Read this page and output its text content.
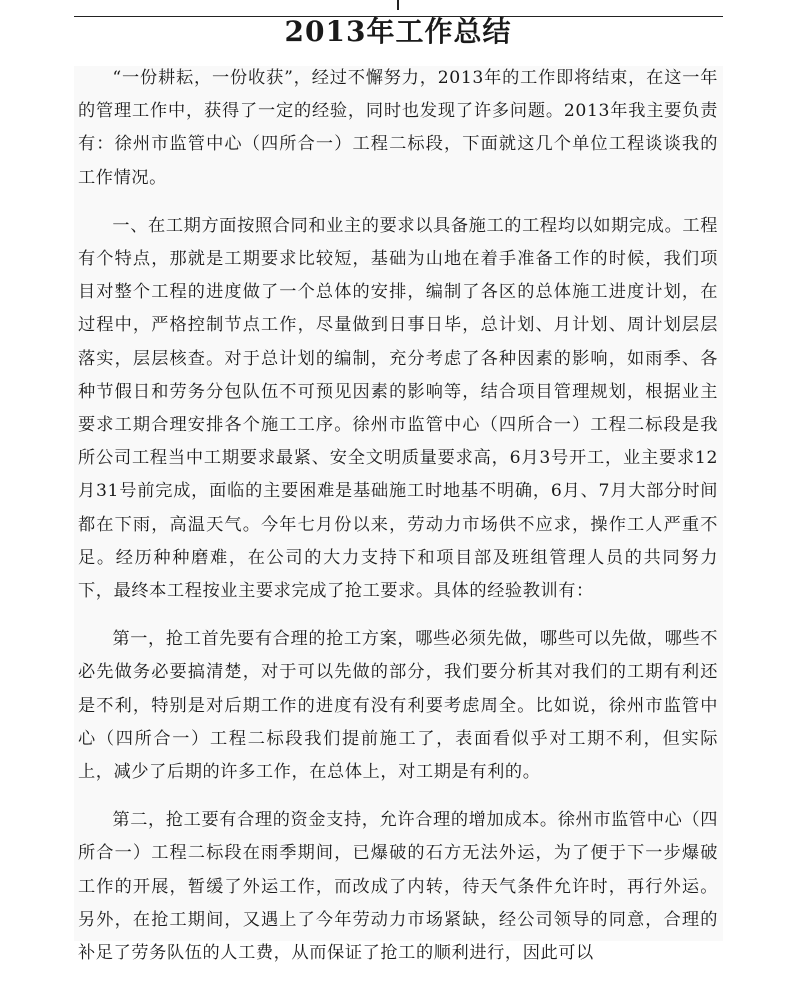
2013年工作总结

“一份耕耘，一份收获”，经过不懈努力，2013年的工作即将结束，在这一年的管理工作中，获得了一定的经验，同时也发现了许多问题。2013年我主要负责有：徐州市监管中心（四所合一）工程二标段，下面就这几个单位工程谈谈我的工作情况。

一、在工期方面按照合同和业主的要求以具备施工的工程均以如期完成。工程有个特点，那就是工期要求比较短，基础为山地在着手准备工作的时候，我们项目对整个工程的进度做了一个总体的安排，编制了各区的总体施工进度计划，在过程中，严格控制节点工作，尽量做到日事日毕，总计划、月计划、周计划层层落实，层层核查。对于总计划的编制，充分考虑了各种因素的影响，如雨季、各种节假日和劳务分包队伍不可预见因素的影响等，结合项目管理规划，根据业主要求工期合理安排各个施工工序。徐州市监管中心（四所合一）工程二标段是我所公司工程当中工期要求最紧、安全文明质量要求高，6月3号开工，业主要求12月31号前完成，面临的主要困难是基础施工时地基不明确，6月、7月大部分时间都在下雨，高温天气。今年七月份以来，劳动力市场供不应求，操作工人严重不足。经历种种磨难，在公司的大力支持下和项目部及班组管理人员的共同努力下，最终本工程按业主要求完成了抢工要求。具体的经验教训有：

第一，抢工首先要有合理的抢工方案，哪些必须先做，哪些可以先做，哪些不必先做务必要搞清楚，对于可以先做的部分，我们要分析其对我们的工期有利还是不利，特别是对后期工作的进度有没有利要考虑周全。比如说，徐州市监管中心（四所合一）工程二标段我们提前施工了，表面看似乎对工期不利，但实际上，减少了后期的许多工作，在总体上，对工期是有利的。

第二，抢工要有合理的资金支持，允许合理的增加成本。徐州市监管中心（四所合一）工程二标段在雨季期间，已爆破的石方无法外运，为了便于下一步爆破工作的开展，暂缓了外运工作，而改成了内转，待天气条件允许时，再行外运。另外，在抢工期间，又遇上了今年劳动力市场紧缺，经公司领导的同意，合理的补足了劳务队伍的人工费，从而保证了抢工的顺利进行，因此可以
